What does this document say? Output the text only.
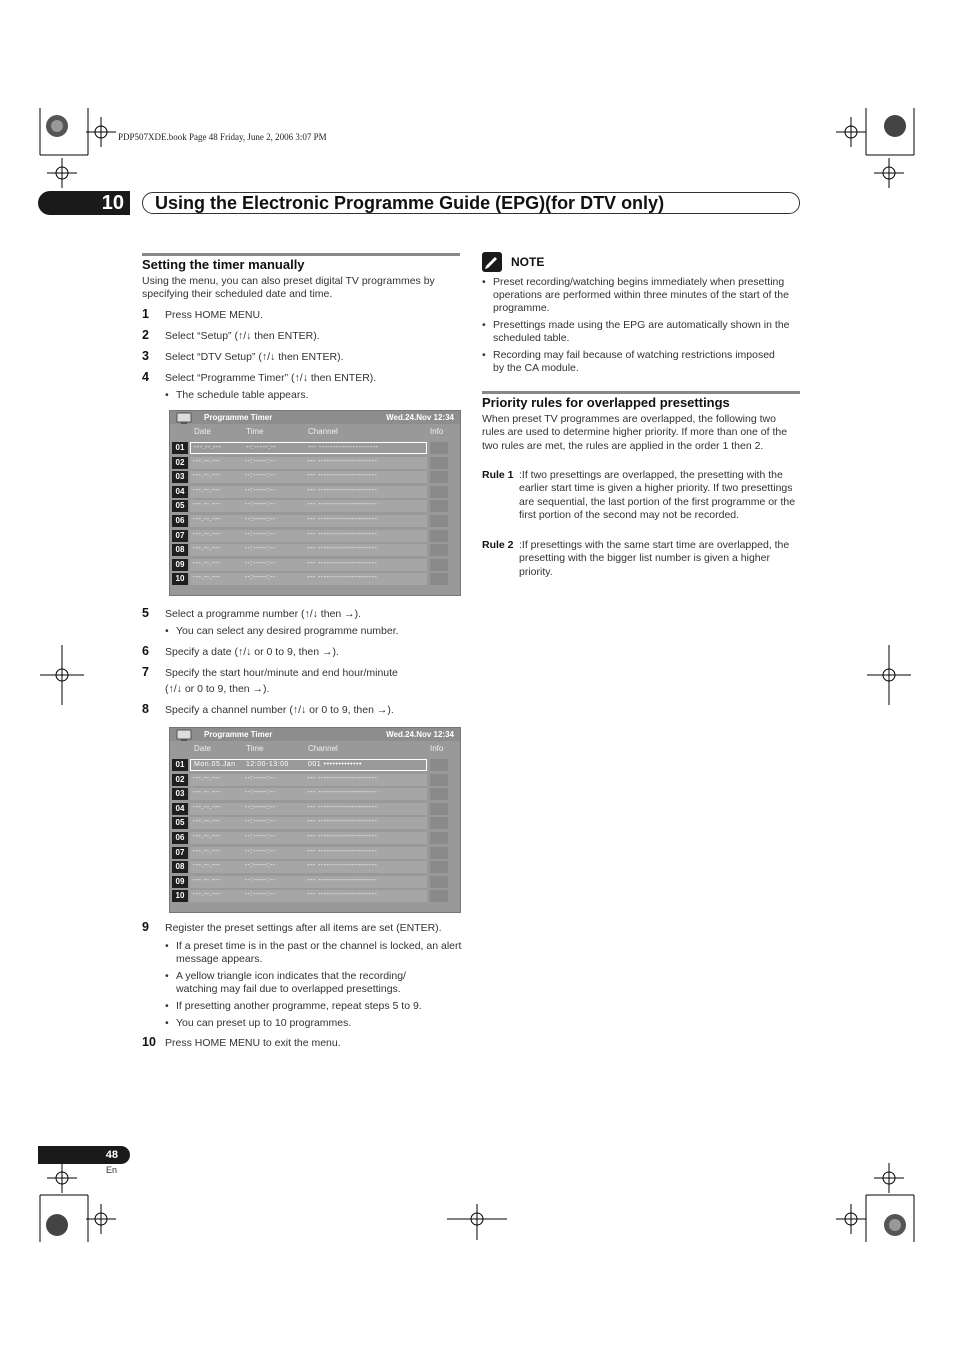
PDP507XDE.book Page 48 Friday, June 2, 2006 3:07 PM
10	Using the Electronic Programme Guide (EPG)(for DTV only)
Setting the timer manually
Using the menu, you can also preset digital TV programmes by
specifying their scheduled date and time.
1 Press HOME MENU.
2 Select “Setup” (↑/↓ then ENTER).
3 Select “DTV Setup” (↑/↓ then ENTER).
4 Select “Programme Timer” (↑/↓ then ENTER).
• The schedule table appears.
Programme Timer	Wed.24.Nov 12:34
Date	Time	Channel	Info
01	---.--.---	--:-----:--	--- ---------------------
02	---.--.---	--:-----:--	--- ---------------------
03	---.--.---	--:-----:--	--- ---------------------
04	---.--.---	--:-----:--	--- ---------------------
05	---.--.---	--:-----:--	--- ---------------------
06	---.--.---	--:-----:--	--- ---------------------
07	---.--.---	--:-----:--	--- ---------------------
08	---.--.---	--:-----:--	--- ---------------------
09	---.--.---	--:-----:--	--- ---------------------
10	---.--.---	--:-----:--	--- ---------------------
5 Select a programme number (↑/↓ then →).
• You can select any desired programme number.
6 Specify a date (↑/↓ or 0 to 9, then →).
7 Specify the start hour/minute and end hour/minute
(↑/↓ or 0 to 9, then →).
8 Specify a channel number (↑/↓ or 0 to 9, then →).
Programme Timer	Wed.24.Nov 12:34
Date	Time	Channel	Info
01	Mon.05.Jan 12:00-13:00	001 •••••••••••••
02	---.--.---	--:-----:--	--- ---------------------
03	---.--.---	--:-----:--	--- ---------------------
04	---.--.---	--:-----:--	--- ---------------------
05	---.--.---	--:-----:--	--- ---------------------
06	---.--.---	--:-----:--	--- ---------------------
07	---.--.---	--:-----:--	--- ---------------------
08	---.--.---	--:-----:--	--- ---------------------
09	---.--.---	--:-----:--	--- ---------------------
10	---.--.---	--:-----:--	--- ---------------------
9 Register the preset settings after all items are set (ENTER).
• If a preset time is in the past or the channel is locked, an alert message appears.
• A yellow triangle icon indicates that the recording/ watching may fail due to overlapped presettings.
• If presetting another programme, repeat steps 5 to 9.
• You can preset up to 10 programmes.
10 Press HOME MENU to exit the menu.
NOTE
• Preset recording/watching begins immediately when presetting operations are performed within three minutes of the start of the programme.
• Presettings made using the EPG are automatically shown in the scheduled table.
• Recording may fail because of watching restrictions imposed by the CA module.
Priority rules for overlapped presettings
When preset TV programmes are overlapped, the following two rules are used to determine higher priority. If more than one of the two rules are met, the rules are applied in the order 1 then 2.
Rule 1 :If two presettings are overlapped, the presetting with the earlier start time is given a higher priority. If two presettings are sequential, the last portion of the first programme or the first portion of the second may not be recorded.
Rule 2 :If presettings with the same start time are overlapped, the presetting with the bigger list number is given a higher priority.
48
En
